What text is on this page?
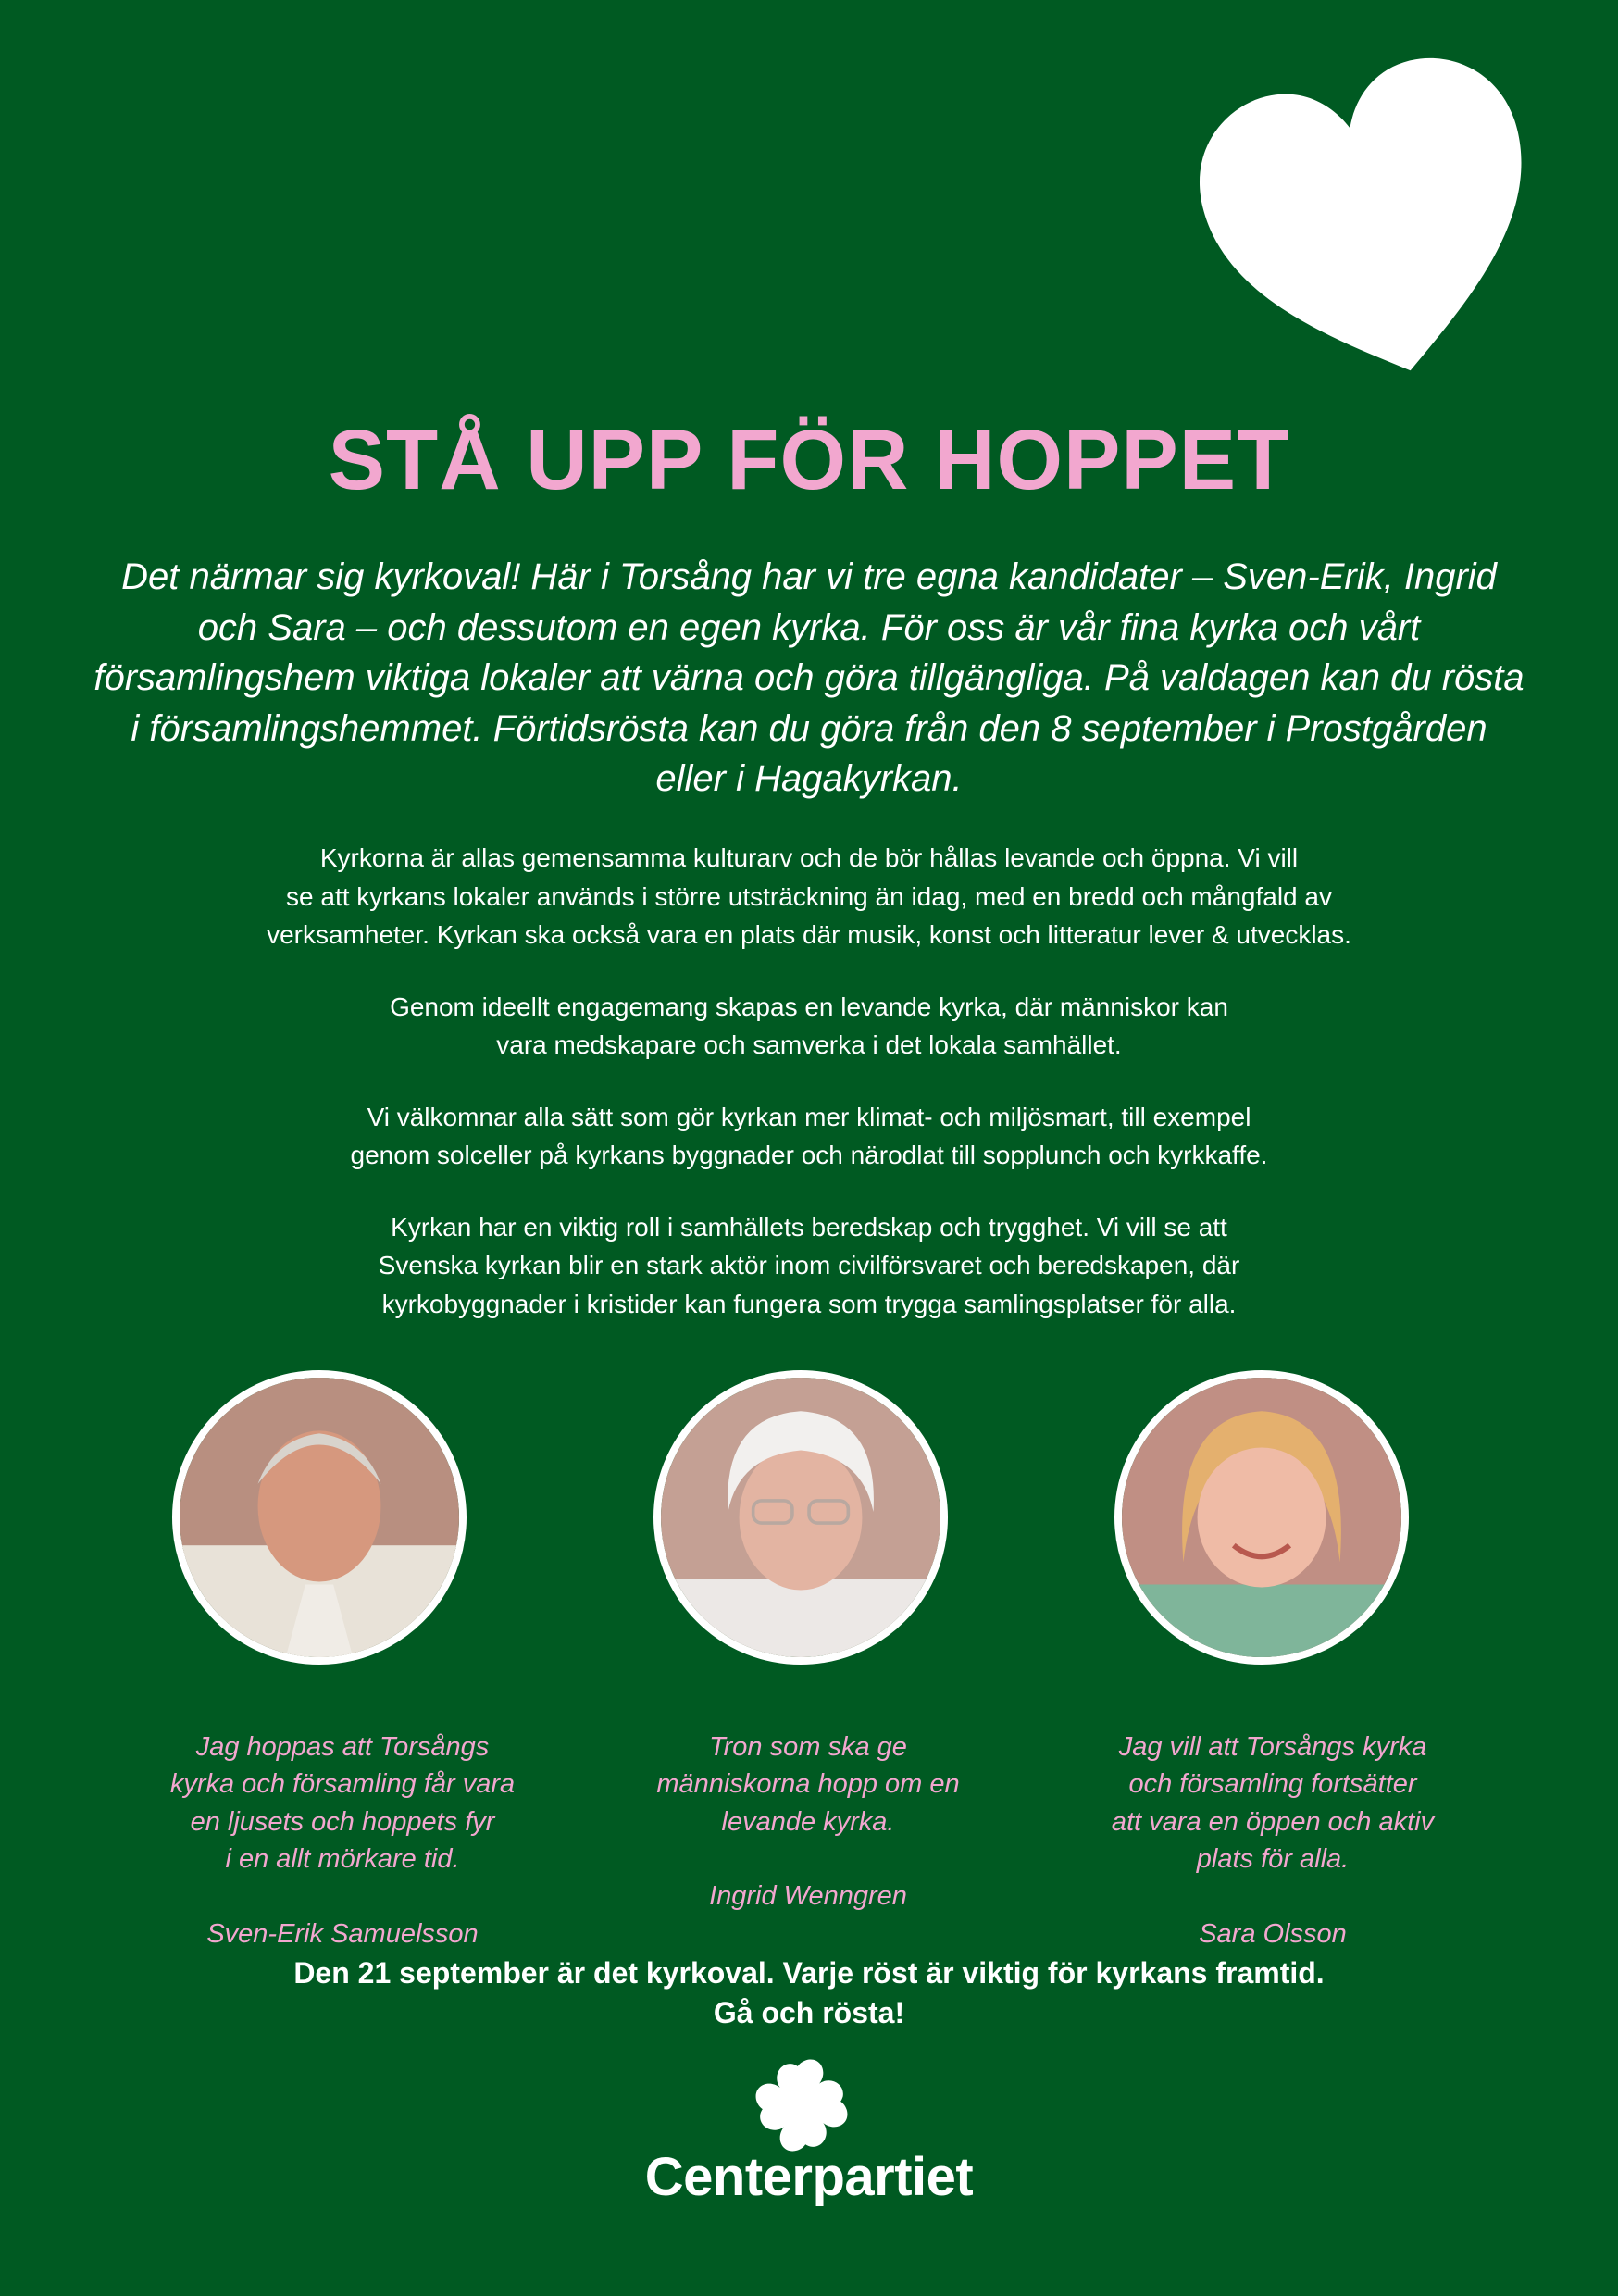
STÅ UPP FÖR HOPPET

Det närmar sig kyrkoval! Här i Torsång har vi tre egna kandidater – Sven-Erik, Ingrid och Sara – och dessutom en egen kyrka. För oss är vår fina kyrka och vårt församlingshem viktiga lokaler att värna och göra tillgängliga. På valdagen kan du rösta i församlingshemmet. Förtidsrösta kan du göra från den 8 september i Prostgården eller i Hagakyrkan.

Kyrkorna är allas gemensamma kulturarv och de bör hållas levande och öppna. Vi vill
se att kyrkans lokaler används i större utsträckning än idag, med en bredd och mångfald av
verksamheter. Kyrkan ska också vara en plats där musik, konst och litteratur lever & utvecklas.

Genom ideellt engagemang skapas en levande kyrka, där människor kan
vara medskapare och samverka i det lokala samhället.

Vi välkomnar alla sätt som gör kyrkan mer klimat- och miljösmart, till exempel
genom solceller på kyrkans byggnader och närodlat till sopplunch och kyrkkaffe.

Kyrkan har en viktig roll i samhällets beredskap och trygghet. Vi vill se att
Svenska kyrkan blir en stark aktör inom civilförsvaret och beredskapen, där
kyrkobyggnader i kristider kan fungera som trygga samlingsplatser för alla.

Jag hoppas att Torsångs
kyrka och församling får vara
en ljusets och hoppets fyr
i en allt mörkare tid.

Sven-Erik Samuelsson

Tron som ska ge
människorna hopp om en
levande kyrka.

Ingrid Wenngren

Jag vill att Torsångs kyrka
och församling fortsätter
att vara en öppen och aktiv
plats för alla.

Sara Olsson

Den 21 september är det kyrkoval. Varje röst är viktig för kyrkans framtid.
Gå och rösta!
Centerpartiet
